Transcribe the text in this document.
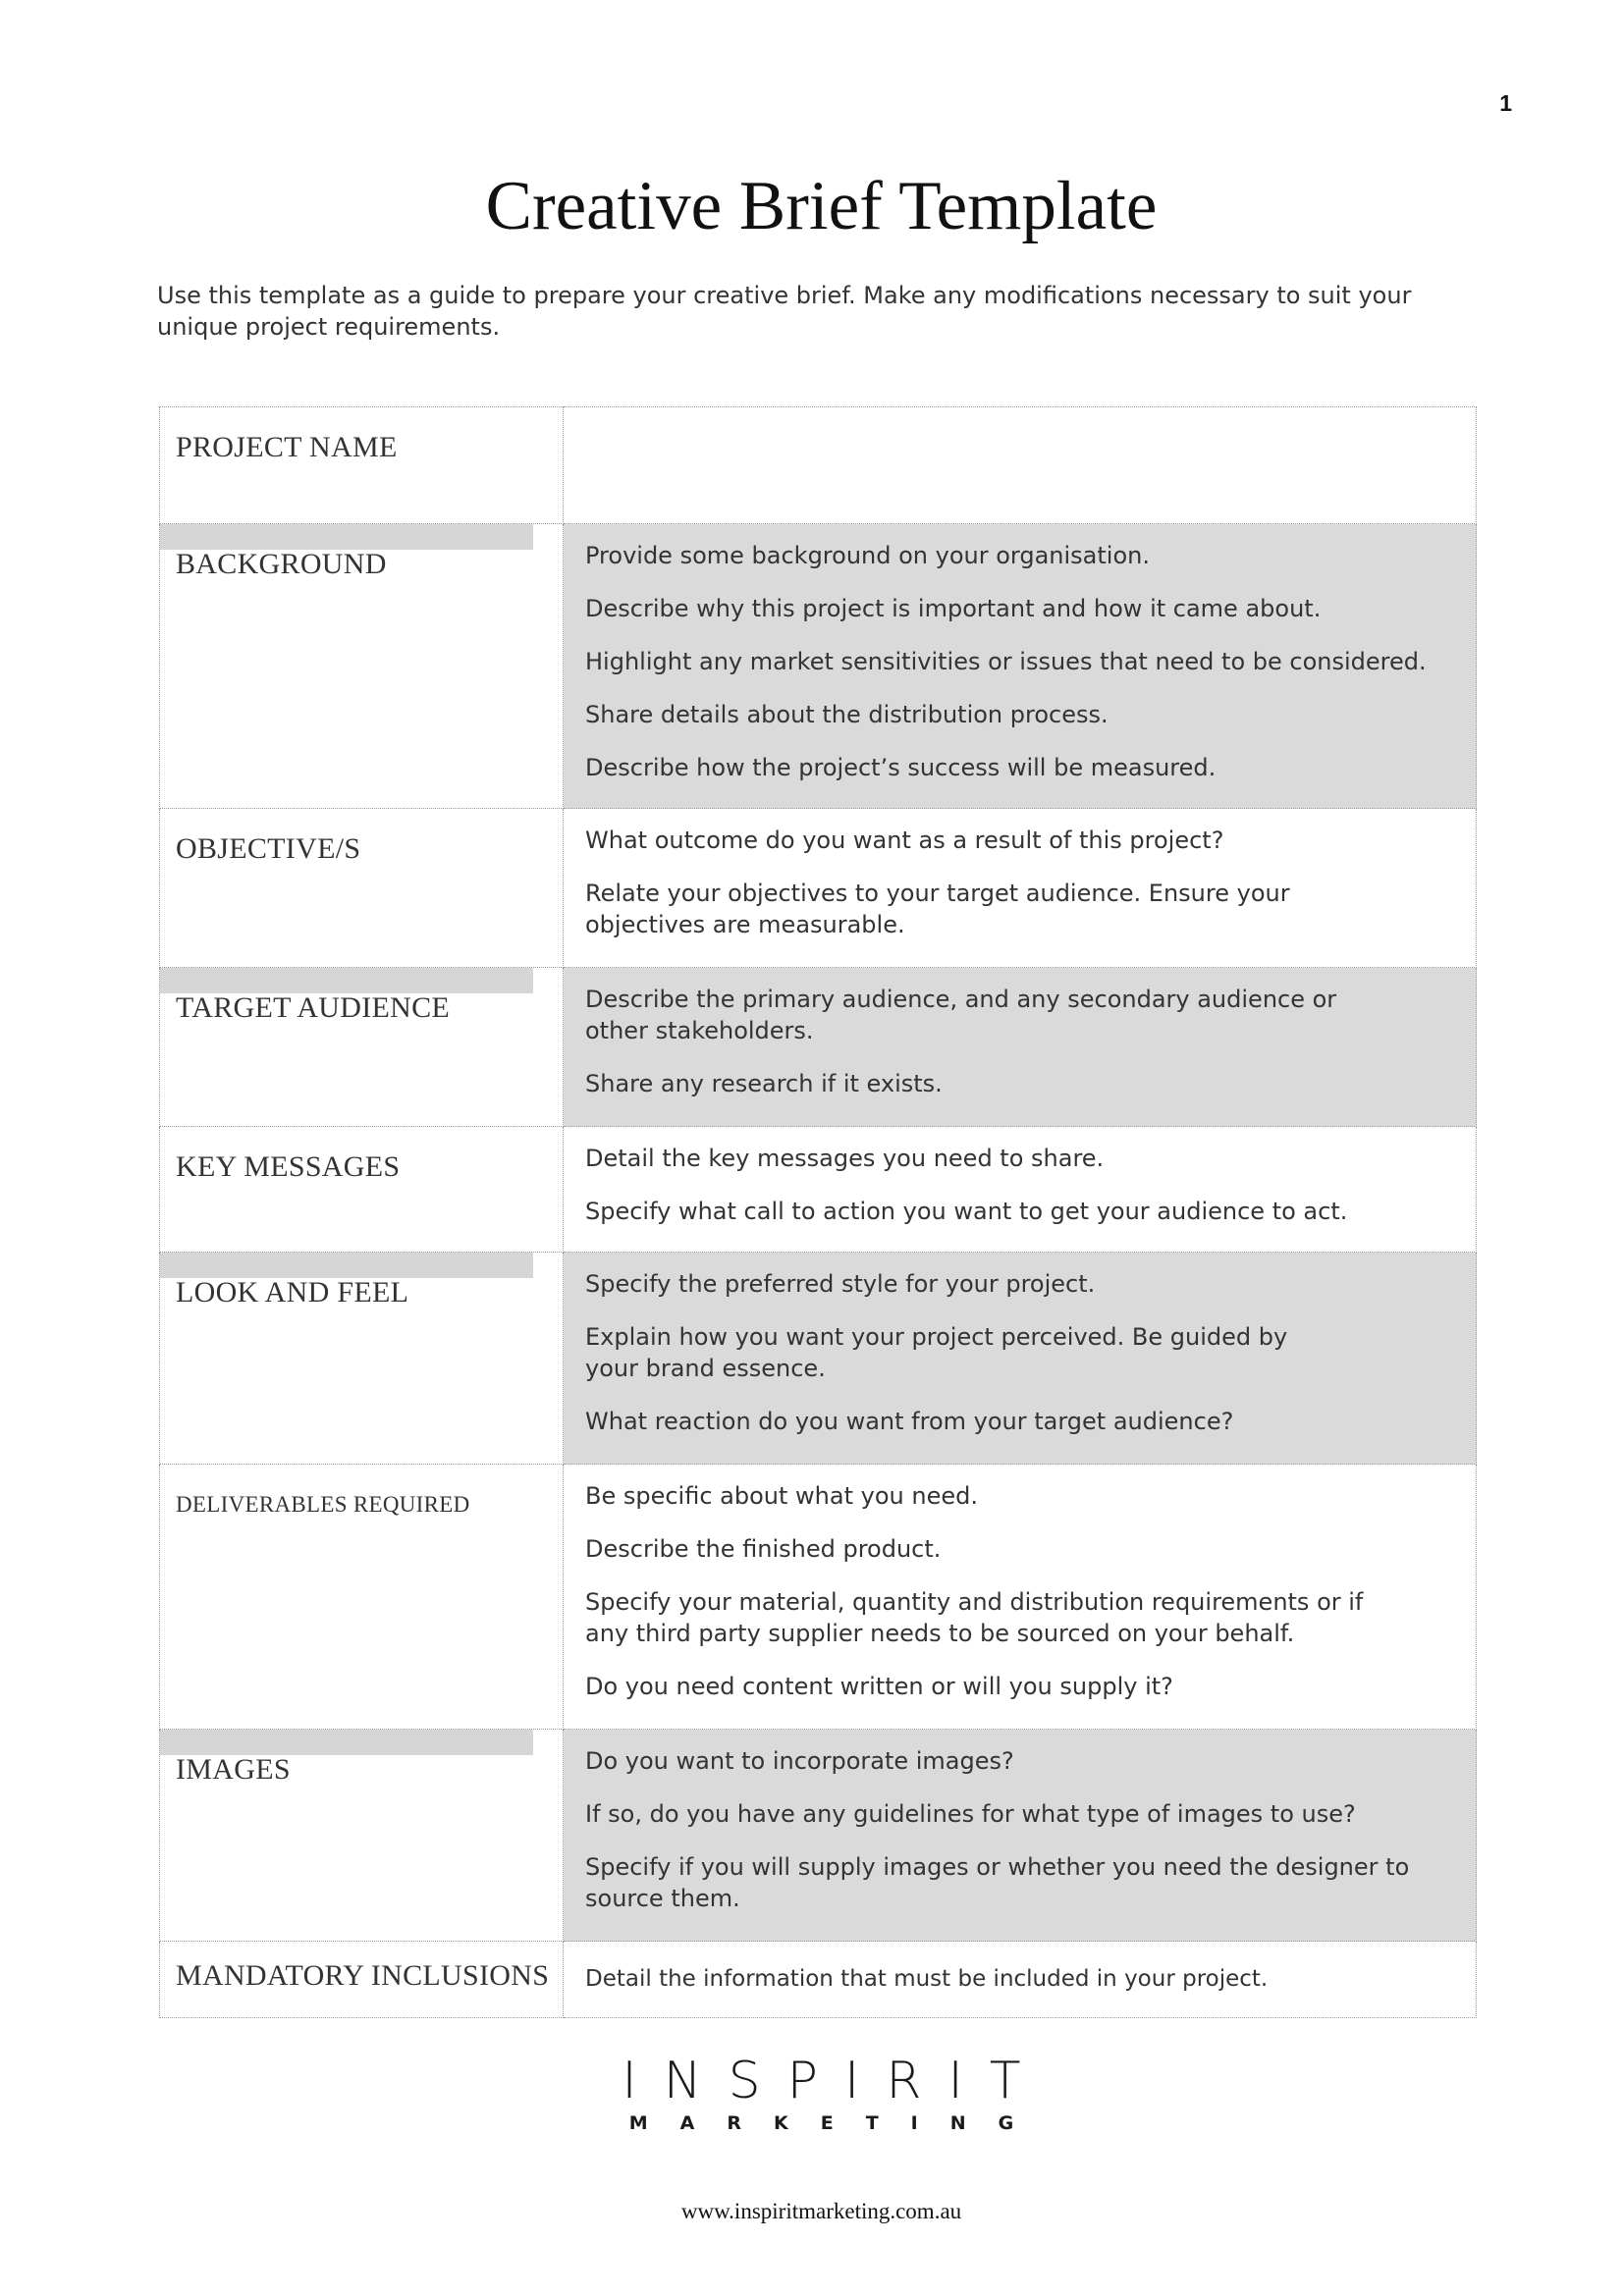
1
Creative Brief Template

Use this template as a guide to prepare your creative brief. Make any modifications necessary to suit your unique project requirements.

PROJECT NAME	

BACKGROUND	Provide some background on your organisation.

Describe why this project is important and how it came about.

Highlight any market sensitivities or issues that need to be considered.

Share details about the distribution process.

Describe how the project’s success will be measured.

OBJECTIVE/S	What outcome do you want as a result of this project?

Relate your objectives to your target audience. Ensure your objectives are measurable.

TARGET AUDIENCE	Describe the primary audience, and any secondary audience or other stakeholders.

Share any research if it exists.

KEY MESSAGES	Detail the key messages you need to share.

Specify what call to action you want to get your audience to act.

LOOK AND FEEL	Specify the preferred style for your project.

Explain how you want your project perceived. Be guided by your brand essence.

What reaction do you want from your target audience?

DELIVERABLES REQUIRED	Be specific about what you need.

Describe the finished product.

Specify your material, quantity and distribution requirements or if any third party supplier needs to be sourced on your behalf.

Do you need content written or will you supply it?

IMAGES	Do you want to incorporate images?

If so, do you have any guidelines for what type of images to use?

Specify if you will supply images or whether you need the designer to source them.

MANDATORY INCLUSIONS	Detail the information that must be included in your project.

INSPIRIT
MARKETING
www.inspiritmarketing.com.au
